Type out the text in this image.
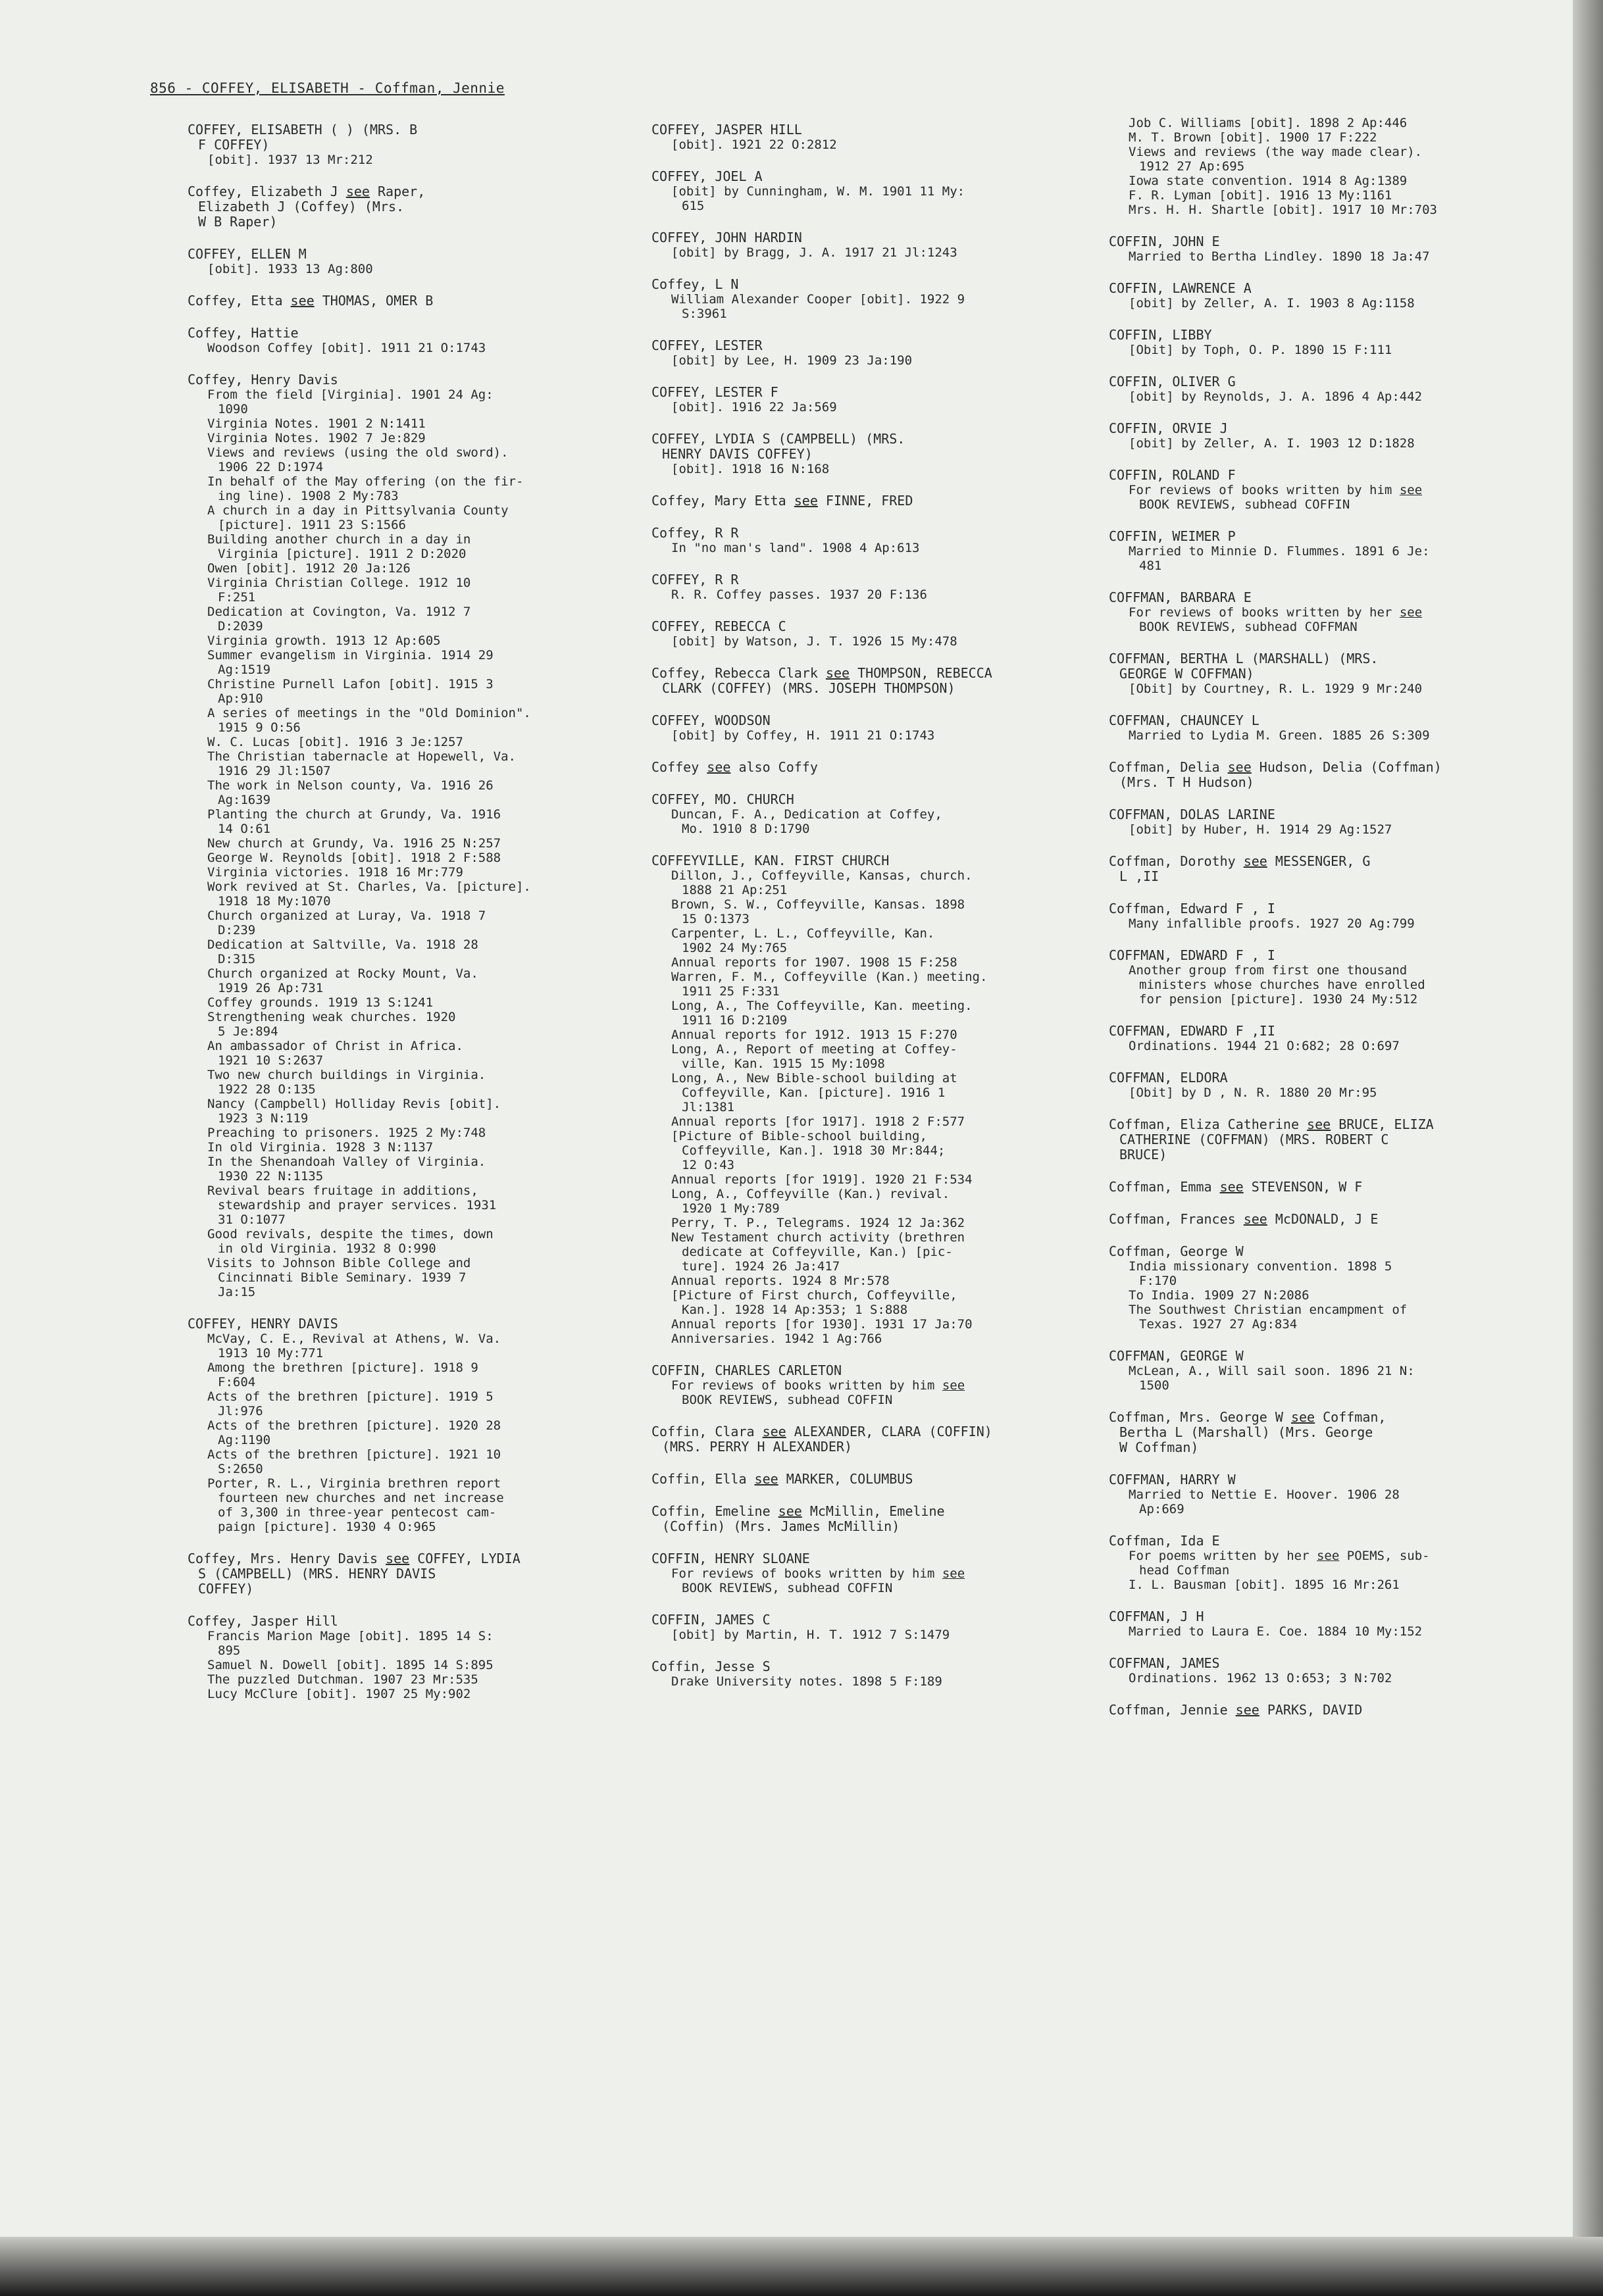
856 - COFFEY, ELISABETH - Coffman, Jennie
COFFEY, ELISABETH ( ) (MRS. B
F COFFEY)
[obit]. 1937 13 Mr:212
Coffey, Elizabeth J see Raper,
Elizabeth J (Coffey) (Mrs.
W B Raper)
COFFEY, ELLEN M
[obit]. 1933 13 Ag:800
Coffey, Etta see THOMAS, OMER B
Coffey, Hattie
Woodson Coffey [obit]. 1911 21 O:1743
Coffey, Henry Davis
From the field [Virginia]. 1901 24 Ag:
1090
Virginia Notes. 1901 2 N:1411
Virginia Notes. 1902 7 Je:829
Views and reviews (using the old sword).
1906 22 D:1974
In behalf of the May offering (on the fir-
ing line). 1908 2 My:783
A church in a day in Pittsylvania County
[picture]. 1911 23 S:1566
Building another church in a day in
Virginia [picture]. 1911 2 D:2020
Owen [obit]. 1912 20 Ja:126
Virginia Christian College. 1912 10
F:251
Dedication at Covington, Va. 1912 7
D:2039
Virginia growth. 1913 12 Ap:605
Summer evangelism in Virginia. 1914 29
Ag:1519
Christine Purnell Lafon [obit]. 1915 3
Ap:910
A series of meetings in the "Old Dominion".
1915 9 O:56
W. C. Lucas [obit]. 1916 3 Je:1257
The Christian tabernacle at Hopewell, Va.
1916 29 Jl:1507
The work in Nelson county, Va. 1916 26
Ag:1639
Planting the church at Grundy, Va. 1916
14 O:61
New church at Grundy, Va. 1916 25 N:257
George W. Reynolds [obit]. 1918 2 F:588
Virginia victories. 1918 16 Mr:779
Work revived at St. Charles, Va. [picture].
1918 18 My:1070
Church organized at Luray, Va. 1918 7
D:239
Dedication at Saltville, Va. 1918 28
D:315
Church organized at Rocky Mount, Va.
1919 26 Ap:731
Coffey grounds. 1919 13 S:1241
Strengthening weak churches. 1920
5 Je:894
An ambassador of Christ in Africa.
1921 10 S:2637
Two new church buildings in Virginia.
1922 28 O:135
Nancy (Campbell) Holliday Revis [obit].
1923 3 N:119
Preaching to prisoners. 1925 2 My:748
In old Virginia. 1928 3 N:1137
In the Shenandoah Valley of Virginia.
1930 22 N:1135
Revival bears fruitage in additions,
stewardship and prayer services. 1931
31 O:1077
Good revivals, despite the times, down
in old Virginia. 1932 8 O:990
Visits to Johnson Bible College and
Cincinnati Bible Seminary. 1939 7
Ja:15
COFFEY, HENRY DAVIS
McVay, C. E., Revival at Athens, W. Va.
1913 10 My:771
Among the brethren [picture]. 1918 9
F:604
Acts of the brethren [picture]. 1919 5
Jl:976
Acts of the brethren [picture]. 1920 28
Ag:1190
Acts of the brethren [picture]. 1921 10
S:2650
Porter, R. L., Virginia brethren report
fourteen new churches and net increase
of 3,300 in three-year pentecost cam-
paign [picture]. 1930 4 O:965
Coffey, Mrs. Henry Davis see COFFEY, LYDIA
S (CAMPBELL) (MRS. HENRY DAVIS
COFFEY)
Coffey, Jasper Hill
Francis Marion Mage [obit]. 1895 14 S:
895
Samuel N. Dowell [obit]. 1895 14 S:895
The puzzled Dutchman. 1907 23 Mr:535
Lucy McClure [obit]. 1907 25 My:902
COFFEY, JASPER HILL
[obit]. 1921 22 O:2812
COFFEY, JOEL A
[obit] by Cunningham, W. M. 1901 11 My:
615
COFFEY, JOHN HARDIN
[obit] by Bragg, J. A. 1917 21 Jl:1243
Coffey, L N
William Alexander Cooper [obit]. 1922 9
S:3961
COFFEY, LESTER
[obit] by Lee, H. 1909 23 Ja:190
COFFEY, LESTER F
[obit]. 1916 22 Ja:569
COFFEY, LYDIA S (CAMPBELL) (MRS.
HENRY DAVIS COFFEY)
[obit]. 1918 16 N:168
Coffey, Mary Etta see FINNE, FRED
Coffey, R R
In "no man's land". 1908 4 Ap:613
COFFEY, R R
R. R. Coffey passes. 1937 20 F:136
COFFEY, REBECCA C
[obit] by Watson, J. T. 1926 15 My:478
Coffey, Rebecca Clark see THOMPSON, REBECCA
CLARK (COFFEY) (MRS. JOSEPH THOMPSON)
COFFEY, WOODSON
[obit] by Coffey, H. 1911 21 O:1743
Coffey see also Coffy
COFFEY, MO. CHURCH
Duncan, F. A., Dedication at Coffey,
Mo. 1910 8 D:1790
COFFEYVILLE, KAN. FIRST CHURCH
Dillon, J., Coffeyville, Kansas, church.
1888 21 Ap:251
Brown, S. W., Coffeyville, Kansas. 1898
15 O:1373
Carpenter, L. L., Coffeyville, Kan.
1902 24 My:765
Annual reports for 1907. 1908 15 F:258
Warren, F. M., Coffeyville (Kan.) meeting.
1911 25 F:331
Long, A., The Coffeyville, Kan. meeting.
1911 16 D:2109
Annual reports for 1912. 1913 15 F:270
Long, A., Report of meeting at Coffey-
ville, Kan. 1915 15 My:1098
Long, A., New Bible-school building at
Coffeyville, Kan. [picture]. 1916 1
Jl:1381
Annual reports [for 1917]. 1918 2 F:577
[Picture of Bible-school building,
Coffeyville, Kan.]. 1918 30 Mr:844;
12 O:43
Annual reports [for 1919]. 1920 21 F:534
Long, A., Coffeyville (Kan.) revival.
1920 1 My:789
Perry, T. P., Telegrams. 1924 12 Ja:362
New Testament church activity (brethren
dedicate at Coffeyville, Kan.) [pic-
ture]. 1924 26 Ja:417
Annual reports. 1924 8 Mr:578
[Picture of First church, Coffeyville,
Kan.]. 1928 14 Ap:353; 1 S:888
Annual reports [for 1930]. 1931 17 Ja:70
Anniversaries. 1942 1 Ag:766
COFFIN, CHARLES CARLETON
For reviews of books written by him see
BOOK REVIEWS, subhead COFFIN
Coffin, Clara see ALEXANDER, CLARA (COFFIN)
(MRS. PERRY H ALEXANDER)
Coffin, Ella see MARKER, COLUMBUS
Coffin, Emeline see McMillin, Emeline
(Coffin) (Mrs. James McMillin)
COFFIN, HENRY SLOANE
For reviews of books written by him see
BOOK REVIEWS, subhead COFFIN
COFFIN, JAMES C
[obit] by Martin, H. T. 1912 7 S:1479
Coffin, Jesse S
Drake University notes. 1898 5 F:189
Job C. Williams [obit]. 1898 2 Ap:446
M. T. Brown [obit]. 1900 17 F:222
Views and reviews (the way made clear).
1912 27 Ap:695
Iowa state convention. 1914 8 Ag:1389
F. R. Lyman [obit]. 1916 13 My:1161
Mrs. H. H. Shartle [obit]. 1917 10 Mr:703
COFFIN, JOHN E
Married to Bertha Lindley. 1890 18 Ja:47
COFFIN, LAWRENCE A
[obit] by Zeller, A. I. 1903 8 Ag:1158
COFFIN, LIBBY
[Obit] by Toph, O. P. 1890 15 F:111
COFFIN, OLIVER G
[obit] by Reynolds, J. A. 1896 4 Ap:442
COFFIN, ORVIE J
[obit] by Zeller, A. I. 1903 12 D:1828
COFFIN, ROLAND F
For reviews of books written by him see
BOOK REVIEWS, subhead COFFIN
COFFIN, WEIMER P
Married to Minnie D. Flummes. 1891 6 Je:
481
COFFMAN, BARBARA E
For reviews of books written by her see
BOOK REVIEWS, subhead COFFMAN
COFFMAN, BERTHA L (MARSHALL) (MRS.
GEORGE W COFFMAN)
[Obit] by Courtney, R. L. 1929 9 Mr:240
COFFMAN, CHAUNCEY L
Married to Lydia M. Green. 1885 26 S:309
Coffman, Delia see Hudson, Delia (Coffman)
(Mrs. T H Hudson)
COFFMAN, DOLAS LARINE
[obit] by Huber, H. 1914 29 Ag:1527
Coffman, Dorothy see MESSENGER, G
L ,II
Coffman, Edward F , I
Many infallible proofs. 1927 20 Ag:799
COFFMAN, EDWARD F , I
Another group from first one thousand
ministers whose churches have enrolled
for pension [picture]. 1930 24 My:512
COFFMAN, EDWARD F ,II
Ordinations. 1944 21 O:682; 28 O:697
COFFMAN, ELDORA
[Obit] by D , N. R. 1880 20 Mr:95
Coffman, Eliza Catherine see BRUCE, ELIZA
CATHERINE (COFFMAN) (MRS. ROBERT C
BRUCE)
Coffman, Emma see STEVENSON, W F
Coffman, Frances see McDONALD, J E
Coffman, George W
India missionary convention. 1898 5
F:170
To India. 1909 27 N:2086
The Southwest Christian encampment of
Texas. 1927 27 Ag:834
COFFMAN, GEORGE W
McLean, A., Will sail soon. 1896 21 N:
1500
Coffman, Mrs. George W see Coffman,
Bertha L (Marshall) (Mrs. George
W Coffman)
COFFMAN, HARRY W
Married to Nettie E. Hoover. 1906 28
Ap:669
Coffman, Ida E
For poems written by her see POEMS, sub-
head Coffman
I. L. Bausman [obit]. 1895 16 Mr:261
COFFMAN, J H
Married to Laura E. Coe. 1884 10 My:152
COFFMAN, JAMES
Ordinations. 1962 13 O:653; 3 N:702
Coffman, Jennie see PARKS, DAVID
